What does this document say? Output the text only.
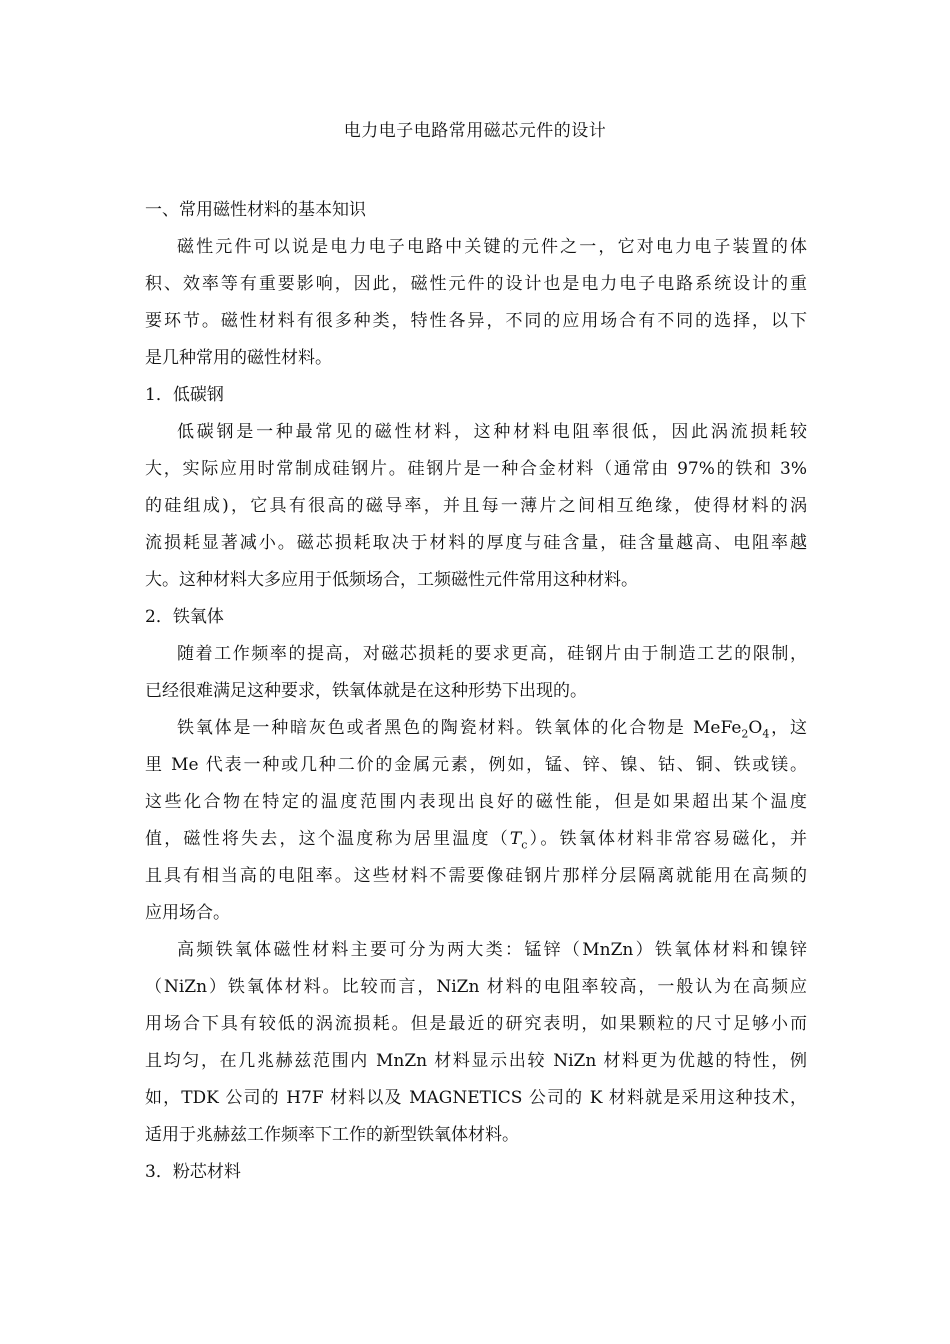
电力电子电路常用磁芯元件的设计
一、常用磁性材料的基本知识
磁性元件可以说是电力电子电路中关键的元件之一，它对电力电子装置的体
积、效率等有重要影响，因此，磁性元件的设计也是电力电子电路系统设计的重
要环节。磁性材料有很多种类，特性各异，不同的应用场合有不同的选择，以下
是几种常用的磁性材料。
1．低碳钢
低碳钢是一种最常见的磁性材料，这种材料电阻率很低，因此涡流损耗较
大，实际应用时常制成硅钢片。硅钢片是一种合金材料（通常由 97%的铁和 3%
的硅组成)，它具有很高的磁导率，并且每一薄片之间相互绝缘，使得材料的涡
流损耗显著减小。磁芯损耗取决于材料的厚度与硅含量，硅含量越高、电阻率越
大。这种材料大多应用于低频场合，工频磁性元件常用这种材料。
2．铁氧体
随着工作频率的提高，对磁芯损耗的要求更高，硅钢片由于制造工艺的限制，
已经很难满足这种要求，铁氧体就是在这种形势下出现的。
铁氧体是一种暗灰色或者黑色的陶瓷材料。铁氧体的化合物是 $MeFe_2O_4$，这
里 Me 代表一种或几种二价的金属元素，例如，锰、锌、镍、钴、铜、铁或镁。
这些化合物在特定的温度范围内表现出良好的磁性能，但是如果超出某个温度
值，磁性将失去，这个温度称为居里温度$(T_c)$。铁氧体材料非常容易磁化，并
且具有相当高的电阻率。这些材料不需要像硅钢片那样分层隔离就能用在高频的
应用场合。
高频铁氧体磁性材料主要可分为两大类：锰锌（MnZn）铁氧体材料和镍锌
（NiZn）铁氧体材料。比较而言，NiZn 材料的电阻率较高，一般认为在高频应
用场合下具有较低的涡流损耗。但是最近的研究表明，如果颗粒的尺寸足够小而
且均匀，在几兆赫兹范围内 MnZn 材料显示出较 NiZn 材料更为优越的特性，例
如，TDK 公司的 H7F 材料以及 MAGNETICS 公司的 K 材料就是采用这种技术，
适用于兆赫兹工作频率下工作的新型铁氧体材料。
3．粉芯材料
